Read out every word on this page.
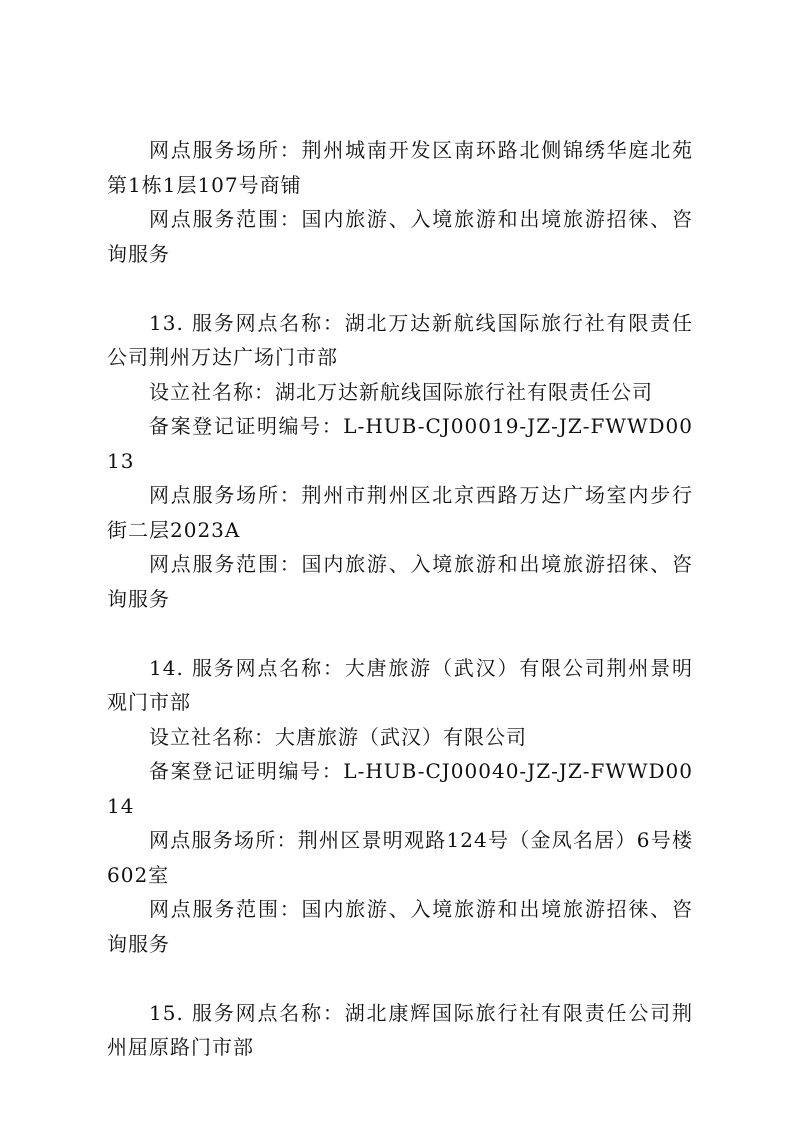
网点服务场所：荆州城南开发区南环路北侧锦绣华庭北苑第1栋1层107号商铺

网点服务范围：国内旅游、入境旅游和出境旅游招徕、咨询服务

13. 服务网点名称：湖北万达新航线国际旅行社有限责任公司荆州万达广场门市部

设立社名称：湖北万达新航线国际旅行社有限责任公司

备案登记证明编号：L-HUB-CJ00019-JZ-JZ-FWWD0013

网点服务场所：荆州市荆州区北京西路万达广场室内步行街二层2023A

网点服务范围：国内旅游、入境旅游和出境旅游招徕、咨询服务

14. 服务网点名称：大唐旅游（武汉）有限公司荆州景明观门市部

设立社名称：大唐旅游（武汉）有限公司

备案登记证明编号：L-HUB-CJ00040-JZ-JZ-FWWD0014

网点服务场所：荆州区景明观路124号（金凤名居）6号楼602室

网点服务范围：国内旅游、入境旅游和出境旅游招徕、咨询服务

15. 服务网点名称：湖北康辉国际旅行社有限责任公司荆州屈原路门市部
